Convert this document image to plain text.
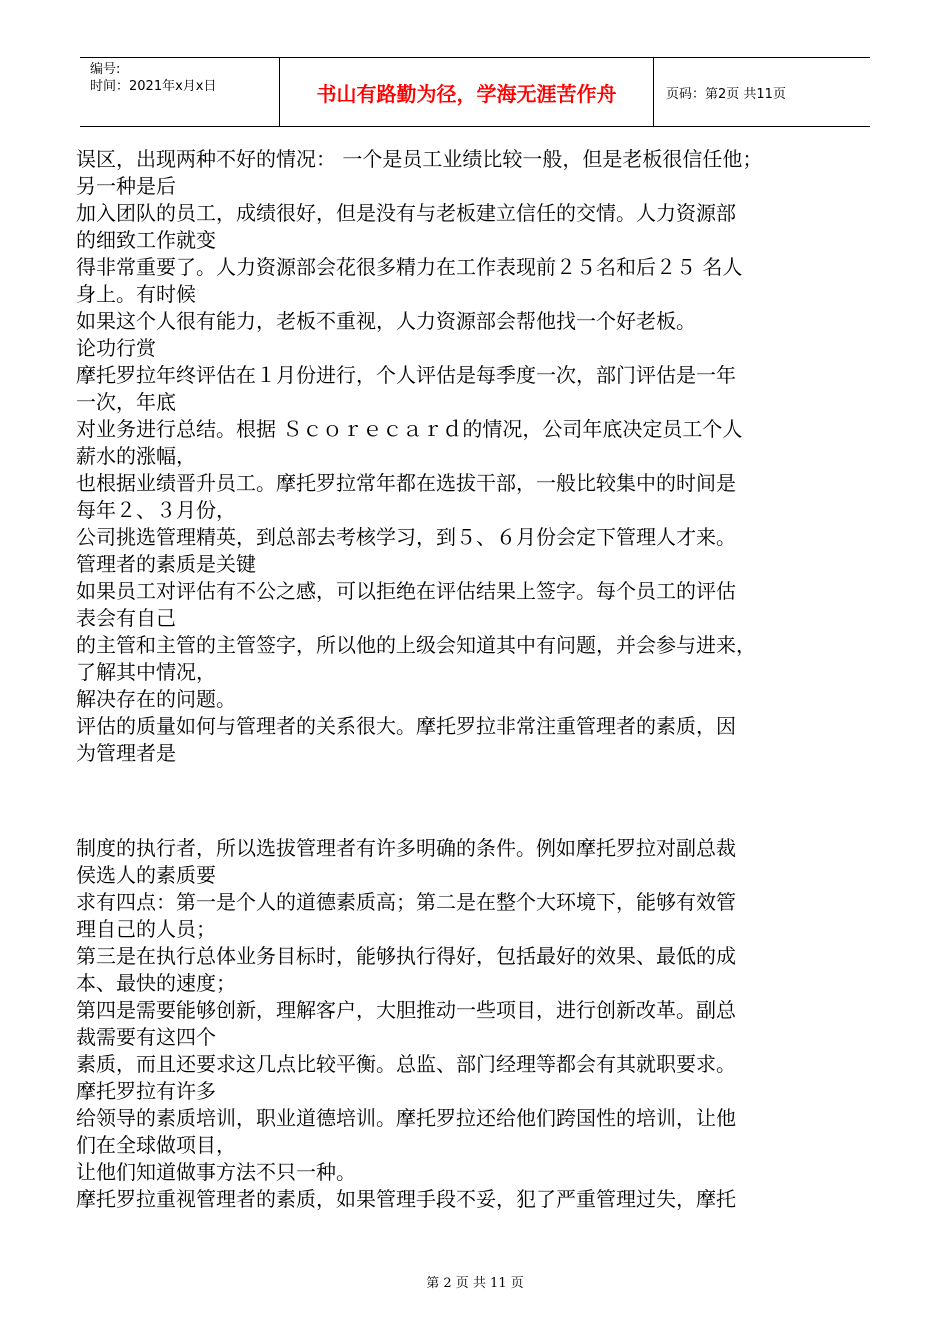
编号:
时间：2021年x月x日	书山有路勤为径，学海无涯苦作舟	页码：第2页 共11页
误区，出现两种不好的情况： 一个是员工业绩比较一般，但是老板很信任他；
另一种是后
加入团队的员工，成绩很好，但是没有与老板建立信任的交情。人力资源部
的细致工作就变
得非常重要了。人力资源部会花很多精力在工作表现前２５名和后２５ 名人
身上。有时候
如果这个人很有能力，老板不重视，人力资源部会帮他找一个好老板。
论功行赏
摩托罗拉年终评估在１月份进行，个人评估是每季度一次，部门评估是一年
一次，年底
对业务进行总结。根据 Ｓｃｏｒｅｃａｒｄ的情况，公司年底决定员工个人
薪水的涨幅，
也根据业绩晋升员工。摩托罗拉常年都在选拔干部，一般比较集中的时间是
每年２、３月份，
公司挑选管理精英，到总部去考核学习，到５、６月份会定下管理人才来。
管理者的素质是关键
如果员工对评估有不公之感，可以拒绝在评估结果上签字。每个员工的评估
表会有自己
的主管和主管的主管签字，所以他的上级会知道其中有问题，并会参与进来，
了解其中情况，
解决存在的问题。
评估的质量如何与管理者的关系很大。摩托罗拉非常注重管理者的素质，因
为管理者是
制度的执行者，所以选拔管理者有许多明确的条件。例如摩托罗拉对副总裁
侯选人的素质要
求有四点：第一是个人的道德素质高；第二是在整个大环境下，能够有效管
理自己的人员；
第三是在执行总体业务目标时，能够执行得好，包括最好的效果、最低的成
本、最快的速度；
第四是需要能够创新，理解客户，大胆推动一些项目，进行创新改革。副总
裁需要有这四个
素质，而且还要求这几点比较平衡。总监、部门经理等都会有其就职要求。
摩托罗拉有许多
给领导的素质培训，职业道德培训。摩托罗拉还给他们跨国性的培训，让他
们在全球做项目，
让他们知道做事方法不只一种。
摩托罗拉重视管理者的素质，如果管理手段不妥，犯了严重管理过失，摩托
第 2 页 共 11 页
